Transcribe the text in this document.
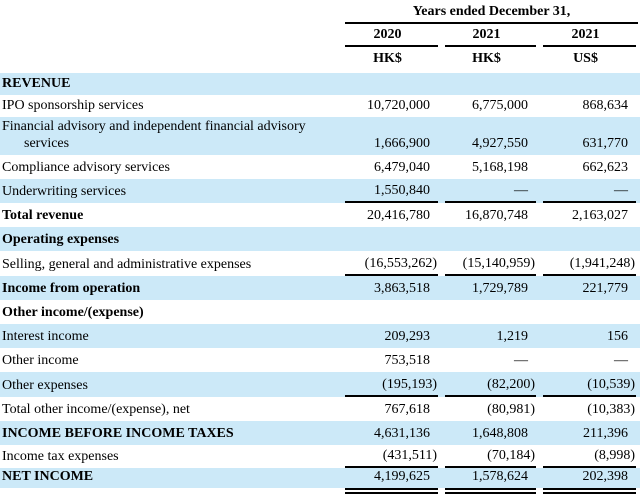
	Years ended December 31,		

	2020	2021	2021

	HK$	HK$	US$

REVENUE	

IPO sponsorship services	10,720,000	6,775,000	868,634

Financial advisory and independent financial advisory services	1,666,900	4,927,550	631,770

Compliance advisory services	6,479,040	5,168,198	662,623

Underwriting services	1,550,840	—	—

Total revenue	20,416,780	16,870,748	2,163,027

Operating expenses	

Selling, general and administrative expenses	(16,553,262)	(15,140,959)	(1,941,248)

Income from operation	3,863,518	1,729,789	221,779

Other income/(expense)	

Interest income	209,293	1,219	156

Other income	753,518	—	—

Other expenses	(195,193)	(82,200)	(10,539)

Total other income/(expense), net	767,618	(80,981)	(10,383)

INCOME BEFORE INCOME TAXES	4,631,136	1,648,808	211,396

Income tax expenses	(431,511)	(70,184)	(8,998)

NET INCOME	4,199,625	1,578,624	202,398
